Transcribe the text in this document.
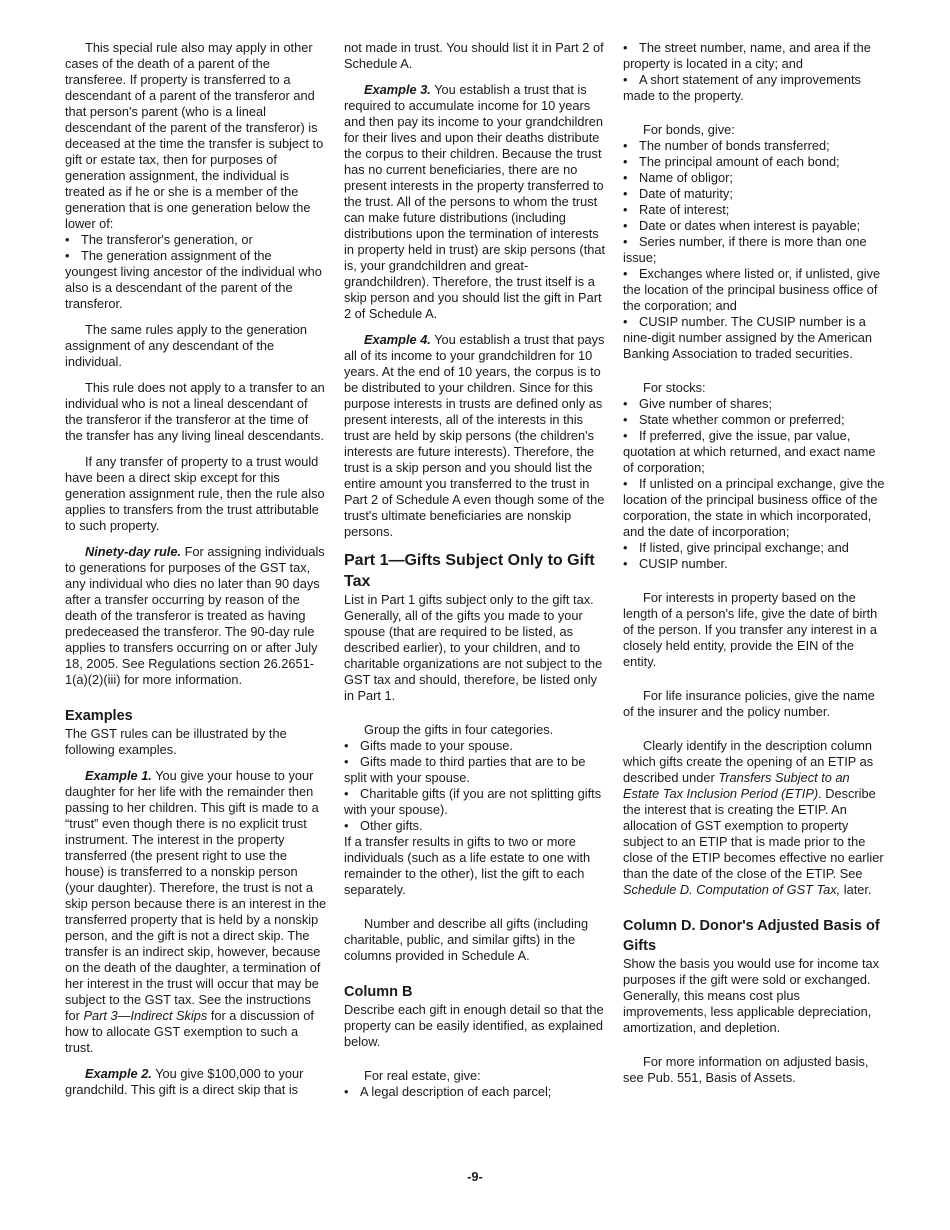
This special rule also may apply in other cases of the death of a parent of the transferee. If property is transferred to a descendant of a parent of the transferor and that person's parent (who is a lineal descendant of the parent of the transferor) is deceased at the time the transfer is subject to gift or estate tax, then for purposes of generation assignment, the individual is treated as if he or she is a member of the generation that is one generation below the lower of:

• The transferor's generation, or

• The generation assignment of the youngest living ancestor of the individual who also is a descendant of the parent of the transferor.

The same rules apply to the generation assignment of any descendant of the individual.

This rule does not apply to a transfer to an individual who is not a lineal descendant of the transferor if the transferor at the time of the transfer has any living lineal descendants.

If any transfer of property to a trust would have been a direct skip except for this generation assignment rule, then the rule also applies to transfers from the trust attributable to such property.

Ninety-day rule. For assigning individuals to generations for purposes of the GST tax, any individual who dies no later than 90 days after a transfer occurring by reason of the death of the transferor is treated as having predeceased the transferor. The 90-day rule applies to transfers occurring on or after July 18, 2005. See Regulations section 26.2651-1(a)(2)(iii) for more information.

Examples

The GST rules can be illustrated by the following examples.

Example 1. You give your house to your daughter for her life with the remainder then passing to her children. This gift is made to a “trust” even though there is no explicit trust instrument. The interest in the property transferred (the present right to use the house) is transferred to a nonskip person (your daughter). Therefore, the trust is not a skip person because there is an interest in the transferred property that is held by a nonskip person, and the gift is not a direct skip. The transfer is an indirect skip, however, because on the death of the daughter, a termination of her interest in the trust will occur that may be subject to the GST tax. See the instructions for Part 3—Indirect Skips for a discussion of how to allocate GST exemption to such a trust.

Example 2. You give $100,000 to your grandchild. This gift is a direct skip that is

not made in trust. You should list it in Part 2 of Schedule A.

Example 3. You establish a trust that is required to accumulate income for 10 years and then pay its income to your grandchildren for their lives and upon their deaths distribute the corpus to their children. Because the trust has no current beneficiaries, there are no present interests in the property transferred to the trust. All of the persons to whom the trust can make future distributions (including distributions upon the termination of interests in property held in trust) are skip persons (that is, your grandchildren and great-grandchildren). Therefore, the trust itself is a skip person and you should list the gift in Part 2 of Schedule A.

Example 4. You establish a trust that pays all of its income to your grandchildren for 10 years. At the end of 10 years, the corpus is to be distributed to your children. Since for this purpose interests in trusts are defined only as present interests, all of the interests in this trust are held by skip persons (the children's interests are future interests). Therefore, the trust is a skip person and you should list the entire amount you transferred to the trust in Part 2 of Schedule A even though some of the trust's ultimate beneficiaries are nonskip persons.

Part 1—Gifts Subject Only to Gift Tax

List in Part 1 gifts subject only to the gift tax. Generally, all of the gifts you made to your spouse (that are required to be listed, as described earlier), to your children, and to charitable organizations are not subject to the GST tax and should, therefore, be listed only in Part 1.

Group the gifts in four categories.

• Gifts made to your spouse.

• Gifts made to third parties that are to be split with your spouse.

• Charitable gifts (if you are not splitting gifts with your spouse).

• Other gifts.

If a transfer results in gifts to two or more individuals (such as a life estate to one with remainder to the other), list the gift to each separately.

Number and describe all gifts (including charitable, public, and similar gifts) in the columns provided in Schedule A.

Column B

Describe each gift in enough detail so that the property can be easily identified, as explained below.

For real estate, give:

• A legal description of each parcel;

• The street number, name, and area if the property is located in a city; and

• A short statement of any improvements made to the property.

For bonds, give:

• The number of bonds transferred;

• The principal amount of each bond;

• Name of obligor;

• Date of maturity;

• Rate of interest;

• Date or dates when interest is payable;

• Series number, if there is more than one issue;

• Exchanges where listed or, if unlisted, give the location of the principal business office of the corporation; and

• CUSIP number. The CUSIP number is a nine-digit number assigned by the American Banking Association to traded securities.

For stocks:

• Give number of shares;

• State whether common or preferred;

• If preferred, give the issue, par value, quotation at which returned, and exact name of corporation;

• If unlisted on a principal exchange, give the location of the principal business office of the corporation, the state in which incorporated, and the date of incorporation;

• If listed, give principal exchange; and

• CUSIP number.

For interests in property based on the length of a person's life, give the date of birth of the person. If you transfer any interest in a closely held entity, provide the EIN of the entity.

For life insurance policies, give the name of the insurer and the policy number.

Clearly identify in the description column which gifts create the opening of an ETIP as described under Transfers Subject to an Estate Tax Inclusion Period (ETIP). Describe the interest that is creating the ETIP. An allocation of GST exemption to property subject to an ETIP that is made prior to the close of the ETIP becomes effective no earlier than the date of the close of the ETIP. See Schedule D. Computation of GST Tax, later.

Column D. Donor's Adjusted Basis of Gifts

Show the basis you would use for income tax purposes if the gift were sold or exchanged. Generally, this means cost plus improvements, less applicable depreciation, amortization, and depletion.

For more information on adjusted basis, see Pub. 551, Basis of Assets.

-9-
